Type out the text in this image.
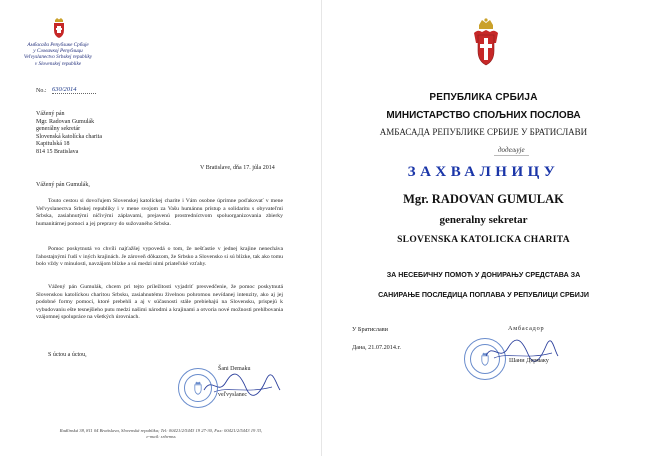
Амбасада Републике Србије
у Словачкој Републици
Veľvyslanectvo Srbskej republiky
v Slovenskej republike
No.: 630/2014
Vážený pán
Mgr. Radovan Gumulák
generálny sekretár
Slovenská katolícka charita
Kapitulská 18
814 15 Bratislava
V Bratislave, dňa 17. júla 2014
Vážený pán Gumulák,
Touto cestou si dovoľujem Slovenskej katolíckej charite i Vám osobne úprimne poďakovať v mene Veľvyslanectva Srbskej republiky i v mene svojom za Vašu humánnu prístup a solidaritu s obyvateľmi Srbska, zasiahnutými ničivými záplavami, prejavenú prostredníctvom spoluorganizovania zbierky humanitárnej pomoci a jej prepravy do sužovaného Srbska.
Pomoc poskytnutá vo chvíli najťažšej vypovedá o tom, že nešťastie v jednej krajine nenecháva ľahostajnými ľudí v iných krajinách. Je zároveň dôkazom, že Srbsko a Slovensko si sú blízke, tak ako tomu bolo vždy v minulosti, navzájom blízke a sú medzi nimi priateľské vzťahy.
Vážený pán Gumulák, chcem pri tejto príležitosti vyjadriť presvedčenie, že pomoc poskytnutá Slovenskou katolíckou charitou Srbsku, zasiahnutému živelnou pohromou nevídanej intenzity, ako aj jej podobné formy pomoci, ktoré prebehli a aj v súčasnosti stále prebiehajú na Slovensku, prispejú k vybudovaniu ešte tesnejšieho putu medzi našimi národmi a krajinami a otvoria nové možnosti prehlbovania vzájomnej spolupráce na všetkých úrovniach.
S úctou a úctou,
Šani Demaku
veľvyslanec
Radlinská 38, 811 04 Bratislava, Slovenská republika; Tel: 00421/2/5443 19 27-30, Fax: 00421/2/5443 19 33,
e-mail: srbemss
РЕПУБЛИКА СРБИЈА
МИНИСТАРСТВО СПОЉНИХ ПОСЛОВА
АМБАСАДА РЕПУБЛИКЕ СРБИЈЕ У БРАТИСЛАВИ
додељује
ЗАХВАЛНИЦУ
Mgr. RADOVAN GUMULAK
generalny sekretar
SLOVENSKA KATOLICKA CHARITA
ЗА НЕСЕБИЧНУ ПОМОЋ У ДОНИРАЊУ СРЕДСТАВА ЗА
САНИРАЊЕ ПОСЛЕДИЦА ПОПЛАВА У РЕПУБЛИЦИ СРБИЈИ
У Братислави	Амбасадор
Дана, 21.07.2014.г.
Шани Дермаку
